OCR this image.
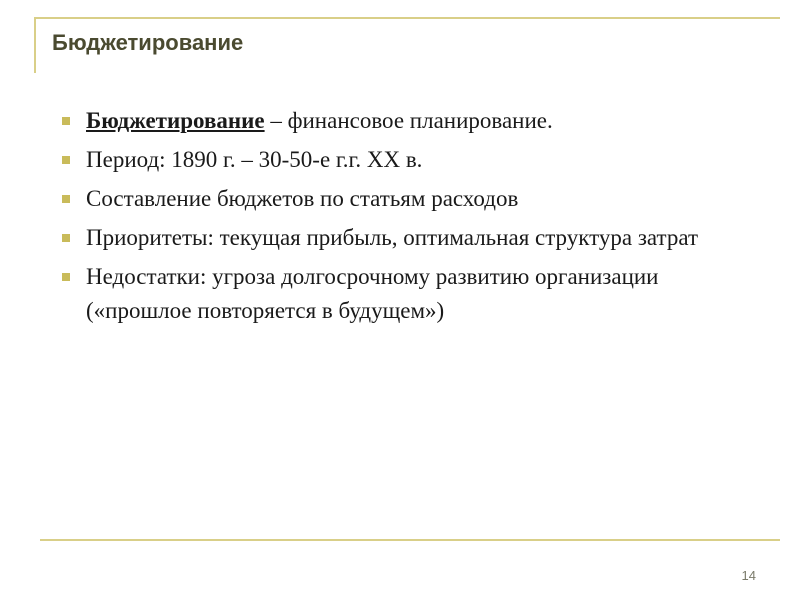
Бюджетирование
Бюджетирование – финансовое планирование.
Период: 1890 г. – 30-50-е г.г. XX в.
Составление бюджетов по статьям расходов
Приоритеты: текущая прибыль, оптимальная структура затрат
Недостатки: угроза долгосрочному развитию организации («прошлое повторяется в будущем»)
14
